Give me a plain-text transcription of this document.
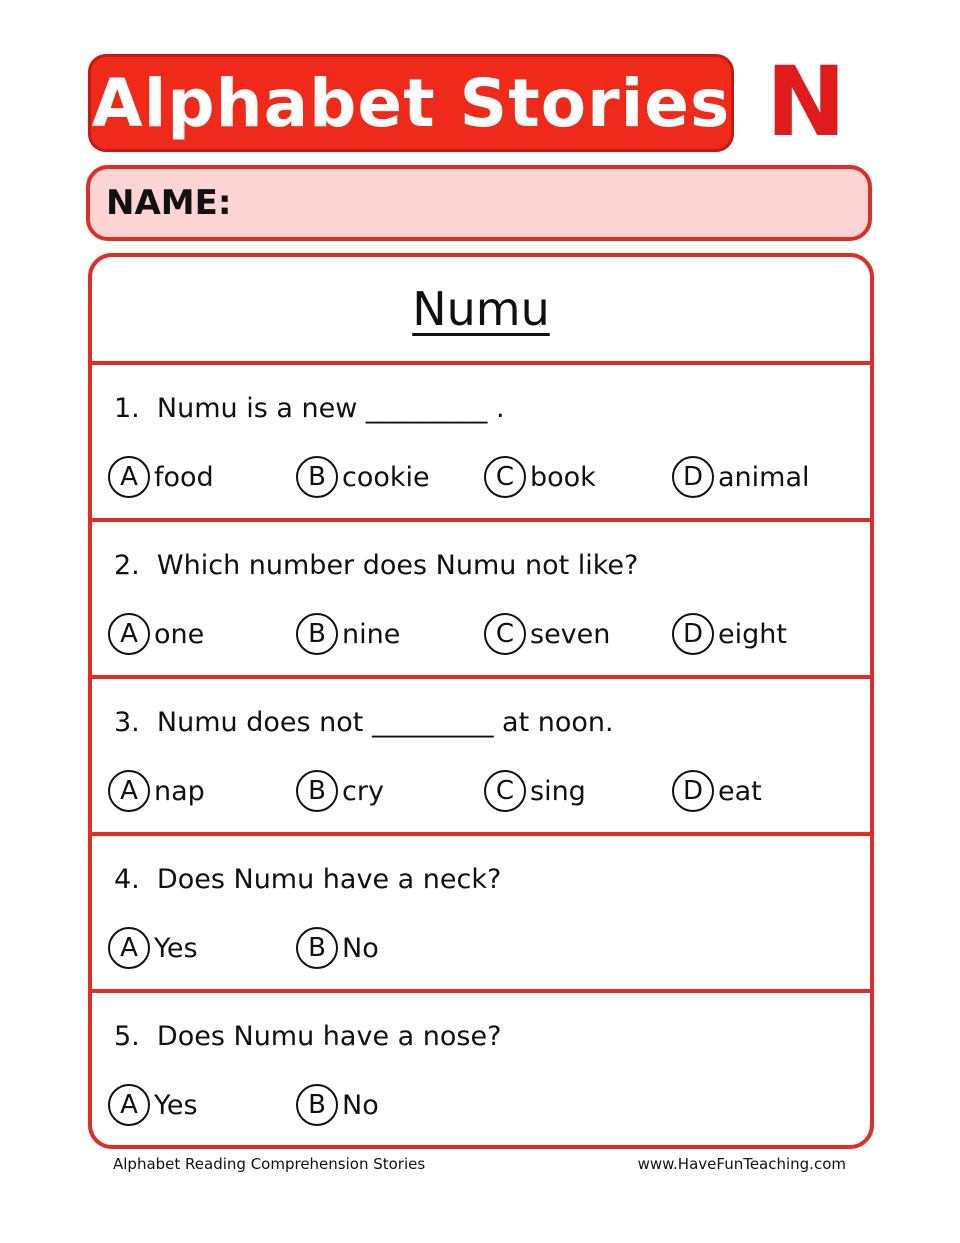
Alphabet Stories N
NAME:
Numu
1.  Numu is a new _________ .
A food	B cookie	C book	D animal
2.  Which number does Numu not like?
A one	B nine	C seven	D eight
3.  Numu does not _________ at noon.
A nap	B cry	C sing	D eat
4.  Does Numu have a neck?
A Yes	B No
5.  Does Numu have a nose?
A Yes	B No
Alphabet Reading Comprehension Stories	www.HaveFunTeaching.com
